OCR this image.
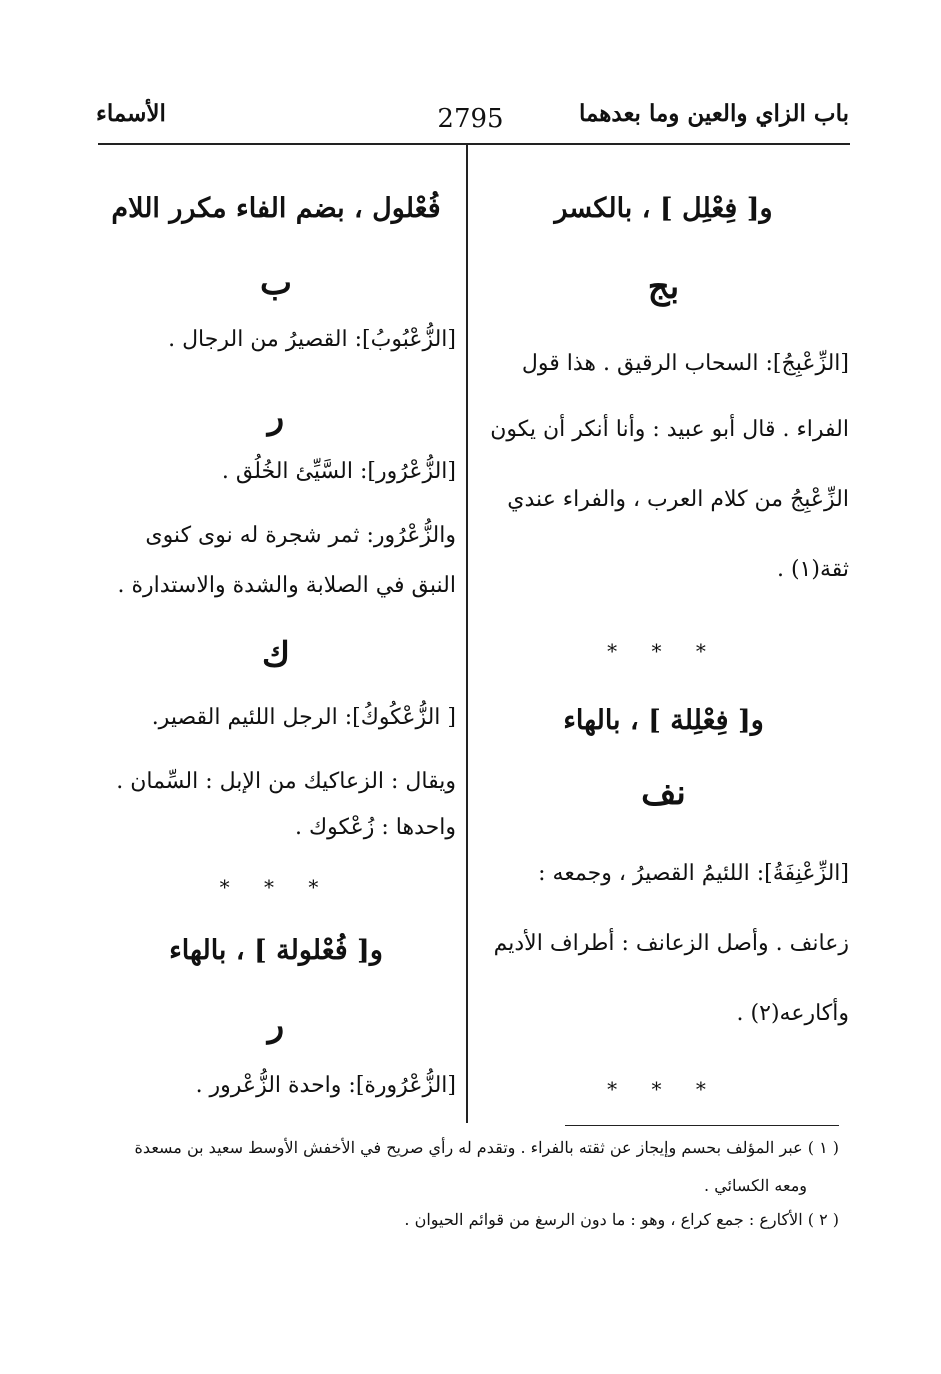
باب الزاي والعين وما بعدهما
2795
الأسماء
و[ فِعْلِل ] ، بالكسر
بج
[الزِّعْبِجُ]: السحاب الرقيق . هذا قول
الفراء . قال أبو عبيد : وأنا أنكر أن يكون
الزِّعْبِجُ من كلام العرب ، والفراء عندي
ثقة(١) .
* * *
و[ فِعْلِلة ] ، بالهاء
نف
[الزِّعْنِفَةُ]: اللئيمُ القصيرُ ، وجمعه :
زعانف . وأصل الزعانف : أطراف الأديم
وأكارعه(٢) .
* * *
فُعْلول ، بضم الفاء مكرر اللام
ب
[الزُّعْبُوبُ]: القصيرُ من الرجال .
ر
[الزُّعْرُور]: السَّيِّئ الخُلُق .
والزُّعْرُور: ثمر شجرة له نوى كنوى
النبق في الصلابة والشدة والاستدارة .
ك
[ الزُّعْكُوكُ]: الرجل اللئيم القصير.
ويقال : الزعاكيك من الإبل : السِّمان .
واحدها : زُعْكوك .
* * *
و[ فُعْلولة ] ، بالهاء
ر
[الزُّعْرُورة]: واحدة الزُّعْرور .
( ١ ) عبر المؤلف بحسم وإيجاز عن ثقته بالفراء . وتقدم له رأي صريح في الأخفش الأوسط سعيد بن مسعدة
ومعه الكسائي .
( ٢ ) الأكارع : جمع كراع ، وهو : ما دون الرسغ من قوائم الحيوان .
